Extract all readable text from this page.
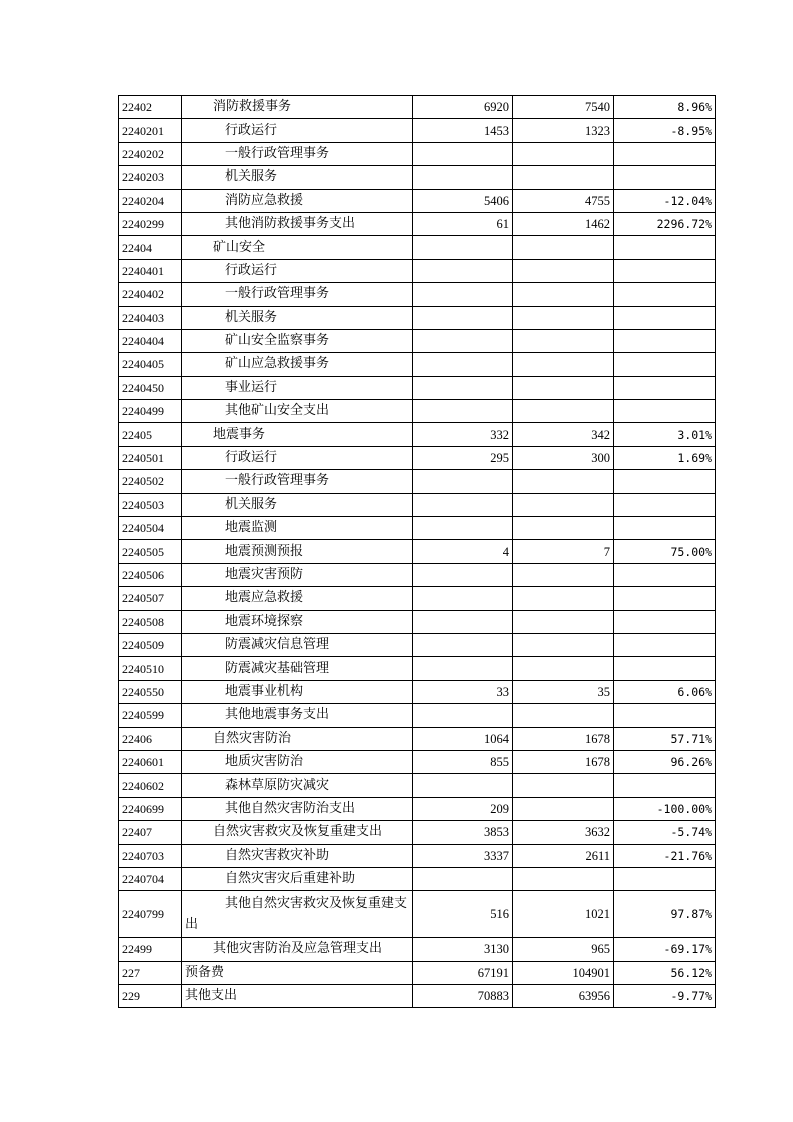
22402	消防救援事务	6920	7540	8.96%
2240201	行政运行	1453	1323	-8.95%
2240202	一般行政管理事务			
2240203	机关服务			
2240204	消防应急救援	5406	4755	-12.04%
2240299	其他消防救援事务支出	61	1462	2296.72%
22404	矿山安全			
2240401	行政运行			
2240402	一般行政管理事务			
2240403	机关服务			
2240404	矿山安全监察事务			
2240405	矿山应急救援事务			
2240450	事业运行			
2240499	其他矿山安全支出			
22405	地震事务	332	342	3.01%
2240501	行政运行	295	300	1.69%
2240502	一般行政管理事务			
2240503	机关服务			
2240504	地震监测			
2240505	地震预测预报	4	7	75.00%
2240506	地震灾害预防			
2240507	地震应急救援			
2240508	地震环境探察			
2240509	防震减灾信息管理			
2240510	防震减灾基础管理			
2240550	地震事业机构	33	35	6.06%
2240599	其他地震事务支出			
22406	自然灾害防治	1064	1678	57.71%
2240601	地质灾害防治	855	1678	96.26%
2240602	森林草原防灾减灾			
2240699	其他自然灾害防治支出	209		-100.00%
22407	自然灾害救灾及恢复重建支出	3853	3632	-5.74%
2240703	自然灾害救灾补助	3337	2611	-21.76%
2240704	自然灾害灾后重建补助			
2240799	其他自然灾害救灾及恢复重建支出	516	1021	97.87%
22499	其他灾害防治及应急管理支出	3130	965	-69.17%
227	预备费	67191	104901	56.12%
229	其他支出	70883	63956	-9.77%
